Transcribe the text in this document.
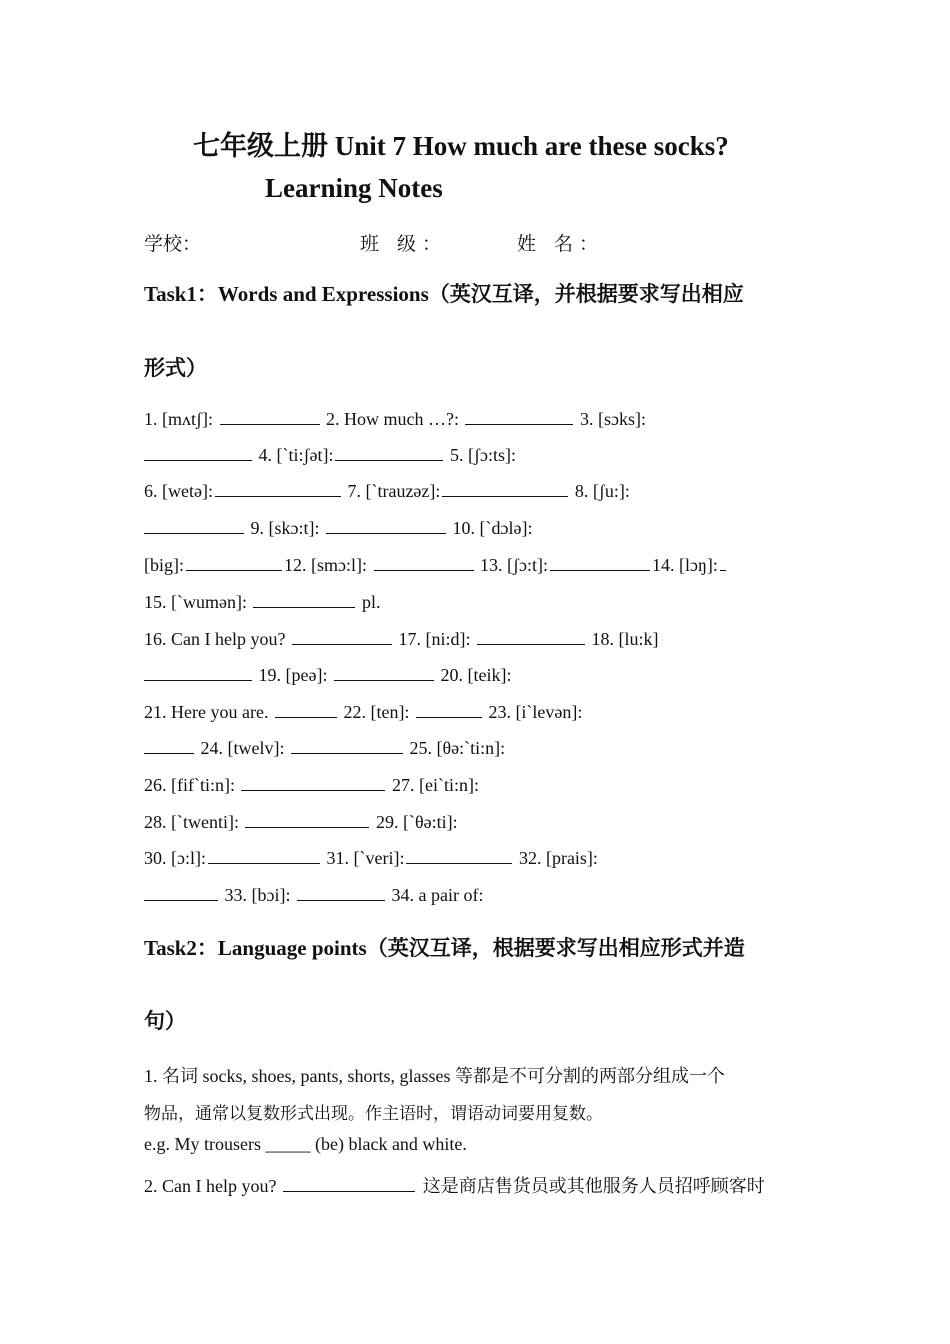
七年级上册 Unit 7 How much are these socks?
Learning Notes
学校：	班 级：	姓 名：
Task1：Words and Expressions（英汉互译，并根据要求写出相应
形式）
1. [mʌtʃ]:	2. How much …?:	3. [sɔks]:
4. [`ti:ʃət]:	5. [ʃɔ:ts]:
6. [wetə]:	7. [`trauzəz]:	8. [ʃu:]:
9. [skɔ:t]:	10. [`dɔlə]:
[big]:	12. [smɔ:l]:	13. [ʃɔ:t]:	14. [lɔŋ]:
15. [`wumən]:	pl.
16. Can I help you?	17. [ni:d]:	18. [lu:k]
19. [peə]:	20. [teik]:
21. Here you are.	22. [ten]:	23. [i`levən]:
24. [twelv]:	25. [θə:`ti:n]:
26. [fif`ti:n]:	27. [ei`ti:n]:
28. [`twenti]:	29. [`θə:ti]:
30. [ɔ:l]:	31. [`veri]:	32. [prais]:
33. [bɔi]:	34. a pair of:
Task2：Language points（英汉互译，根据要求写出相应形式并造
句）
1. 名词 socks, shoes, pants, shorts, glasses 等都是不可分割的两部分组成一个
物品，通常以复数形式出现。作主语时，谓语动词要用复数。
e.g. My trousers _____ (be) black and white.
2. Can I help you?	这是商店售货员或其他服务人员招呼顾客时
